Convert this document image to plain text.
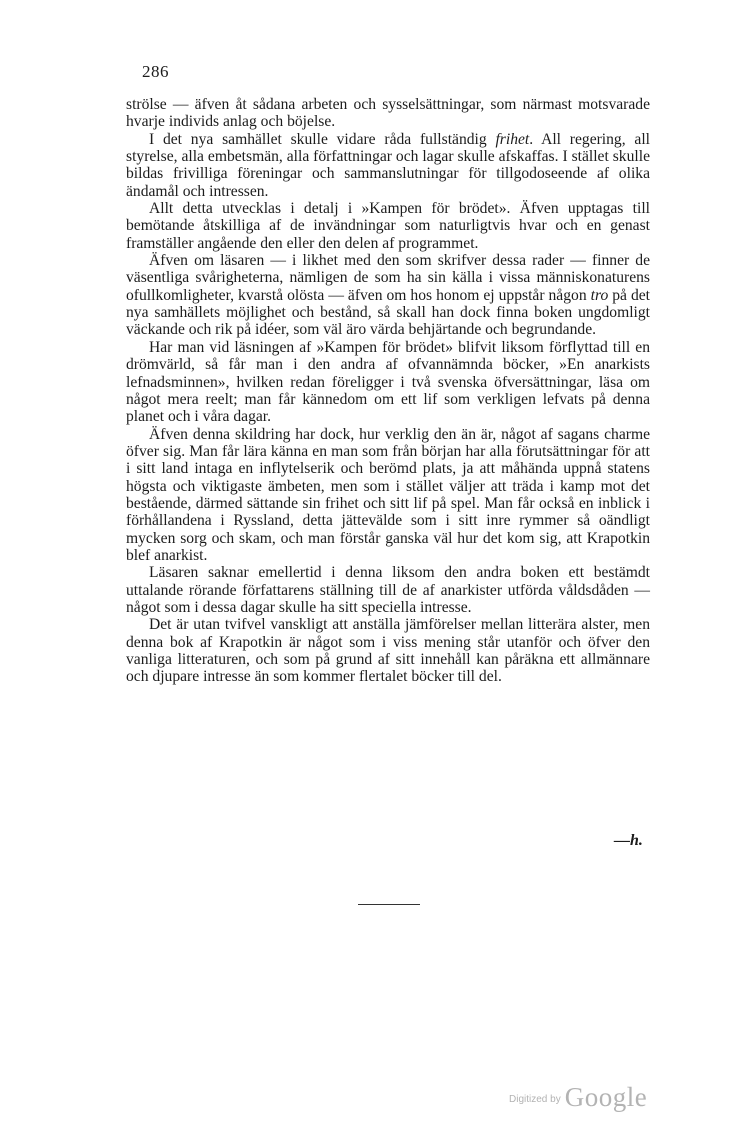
286

strölse — äfven åt sådana arbeten och sysselsättningar, som närmast motsvarade hvarje individs anlag och böjelse.

I det nya samhället skulle vidare råda fullständig frihet. All regering, all styrelse, alla embetsmän, alla författningar och lagar skulle afskaffas. I stället skulle bildas frivilliga föreningar och sammanslutningar för tillgodoseende af olika ändamål och intressen.

Allt detta utvecklas i detalj i »Kampen för brödet». Äfven upptagas till bemötande åtskilliga af de invändningar som naturligtvis hvar och en genast framställer angående den eller den delen af programmet.

Äfven om läsaren — i likhet med den som skrifver dessa rader — finner de väsentliga svårigheterna, nämligen de som ha sin källa i vissa människonaturens ofullkomligheter, kvarstå olösta — äfven om hos honom ej uppstår någon tro på det nya samhällets möjlighet och bestånd, så skall han dock finna boken ungdomligt väckande och rik på idéer, som väl äro värda behjärtande och begrundande.

Har man vid läsningen af »Kampen för brödet» blifvit liksom förflyttad till en drömvärld, så får man i den andra af ofvannämnda böcker, »En anarkists lefnadsminnen», hvilken redan föreligger i två svenska öfversättningar, läsa om något mera reelt; man får kännedom om ett lif som verkligen lefvats på denna planet och i våra dagar.

Äfven denna skildring har dock, hur verklig den än är, något af sagans charme öfver sig. Man får lära känna en man som från början har alla förutsättningar för att i sitt land intaga en inflytelserik och berömd plats, ja att måhända uppnå statens högsta och viktigaste ämbeten, men som i stället väljer att träda i kamp mot det bestående, därmed sättande sin frihet och sitt lif på spel. Man får också en inblick i förhållandena i Ryssland, detta jättevälde som i sitt inre rymmer så oändligt mycken sorg och skam, och man förstår ganska väl hur det kom sig, att Krapotkin blef anarkist.

Läsaren saknar emellertid i denna liksom den andra boken ett bestämdt uttalande rörande författarens ställning till de af anarkister utförda våldsdåden — något som i dessa dagar skulle ha sitt speciella intresse.

Det är utan tvifvel vanskligt att anställa jämförelser mellan litterära alster, men denna bok af Krapotkin är något som i viss mening står utanför och öfver den vanliga litteraturen, och som på grund af sitt innehåll kan påräkna ett allmännare och djupare intresse än som kommer flertalet böcker till del.

—h.
$^{Digitized by}$ Google
